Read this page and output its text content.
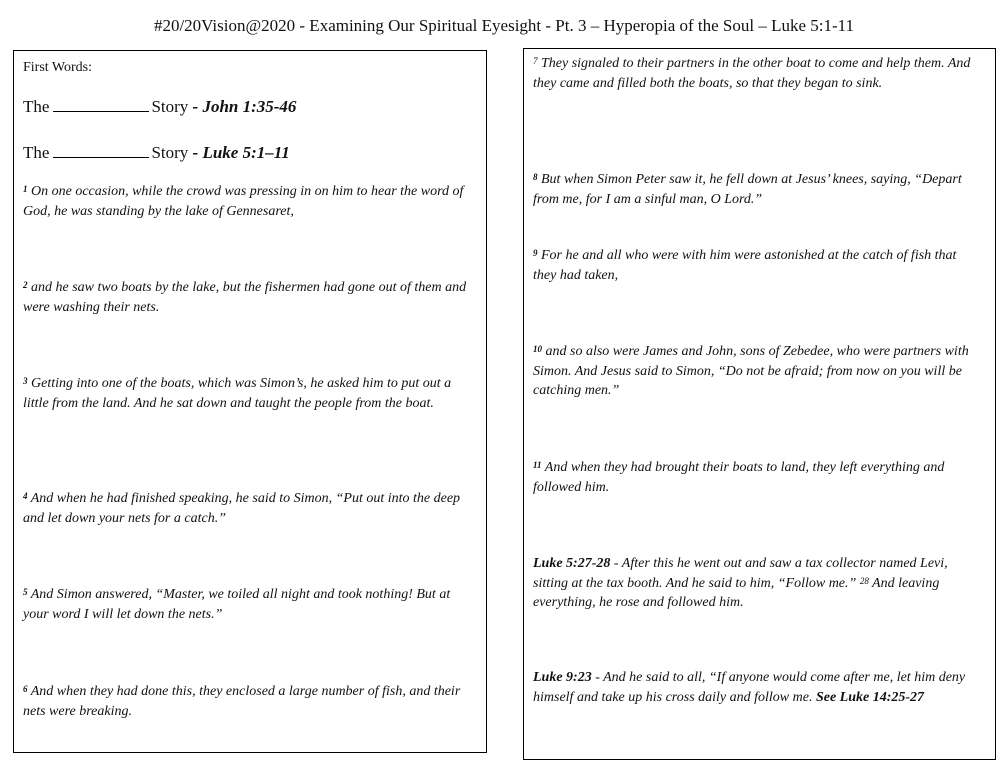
#20/20Vision@2020 - Examining Our Spiritual Eyesight - Pt. 3 – Hyperopia of the Soul – Luke 5:1-11
First Words:
The	Story - John 1:35-46
The	Story - Luke 5:1–11
$^1$ On one occasion, while the crowd was pressing in on him to hear the word of God, he was standing by the lake of Gennesaret,
$^2$ and he saw two boats by the lake, but the fishermen had gone out of them and were washing their nets.
$^3$ Getting into one of the boats, which was Simon’s, he asked him to put out a little from the land. And he sat down and taught the people from the boat.
$^4$ And when he had finished speaking, he said to Simon, “Put out into the deep and let down your nets for a catch.”
$^5$ And Simon answered, “Master, we toiled all night and took nothing! But at your word I will let down the nets.”
$^6$ And when they had done this, they enclosed a large number of fish, and their nets were breaking.
$^7$ They signaled to their partners in the other boat to come and help them. And they came and filled both the boats, so that they began to sink.
$^8$ But when Simon Peter saw it, he fell down at Jesus’ knees, saying, “Depart from me, for I am a sinful man, O Lord.”
$^9$ For he and all who were with him were astonished at the catch of fish that they had taken,
$^{10}$ and so also were James and John, sons of Zebedee, who were partners with Simon. And Jesus said to Simon, “Do not be afraid; from now on you will be catching men.”
$^{11}$ And when they had brought their boats to land, they left everything and followed him.
Luke 5:27-28 - After this he went out and saw a tax collector named Levi, sitting at the tax booth. And he said to him, “Follow me.” $^{28}$ And leaving everything, he rose and followed him.
Luke 9:23 - And he said to all, “If anyone would come after me, let him deny himself and take up his cross daily and follow me. See Luke 14:25-27
